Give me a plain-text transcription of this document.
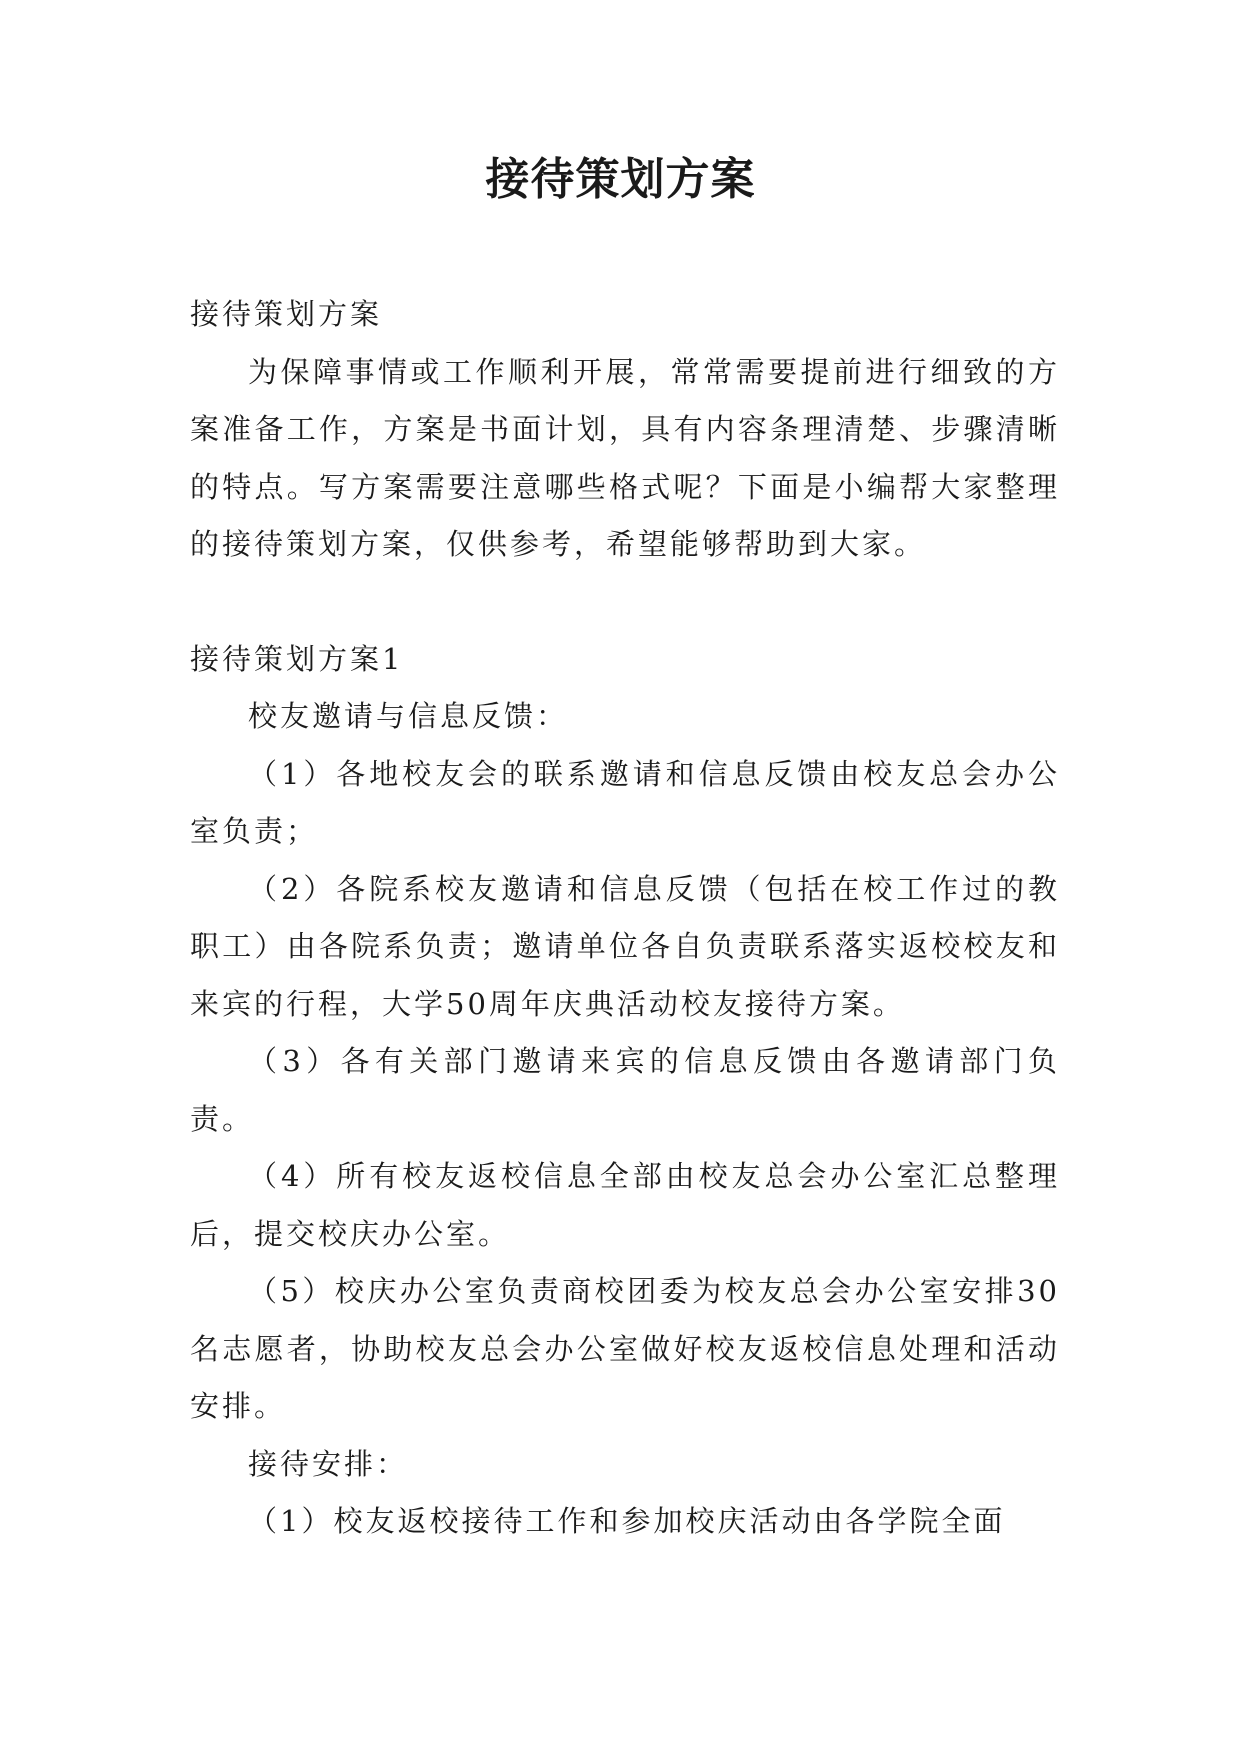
接待策划方案

接待策划方案

为保障事情或工作顺利开展，常常需要提前进行细致的方案准备工作，方案是书面计划，具有内容条理清楚、步骤清晰的特点。写方案需要注意哪些格式呢？下面是小编帮大家整理的接待策划方案，仅供参考，希望能够帮助到大家。

接待策划方案1

校友邀请与信息反馈：

（1）各地校友会的联系邀请和信息反馈由校友总会办公室负责；

（2）各院系校友邀请和信息反馈（包括在校工作过的教职工）由各院系负责；邀请单位各自负责联系落实返校校友和来宾的行程，大学50周年庆典活动校友接待方案。

（3）各有关部门邀请来宾的信息反馈由各邀请部门负责。

（4）所有校友返校信息全部由校友总会办公室汇总整理后，提交校庆办公室。

（5）校庆办公室负责商校团委为校友总会办公室安排30名志愿者，协助校友总会办公室做好校友返校信息处理和活动安排。

接待安排：

（1）校友返校接待工作和参加校庆活动由各学院全面
